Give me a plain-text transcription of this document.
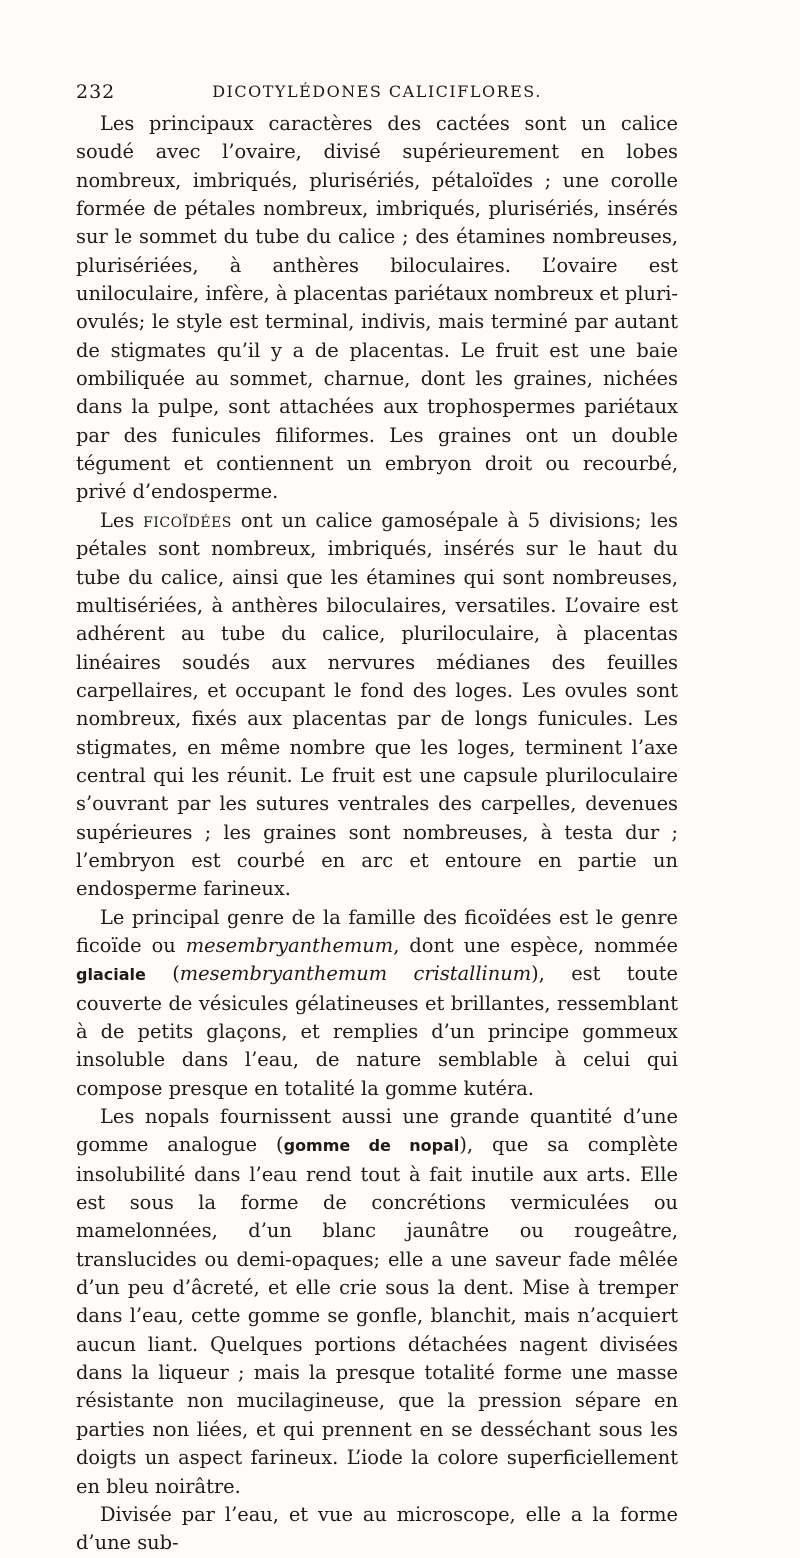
232	DICOTYLÉDONES CALICIFLORES.

Les principaux caractères des cactées sont un calice soudé avec l’ovaire, divisé supérieurement en lobes nombreux, imbriqués, plurisériés, pétaloïdes ; une corolle formée de pétales nombreux, imbriqués, plurisériés, insérés sur le sommet du tube du calice ; des étamines nombreuses, plurisériées, à anthères biloculaires. L’ovaire est uniloculaire, infère, à placentas pariétaux nombreux et pluri-ovulés; le style est terminal, indivis, mais terminé par autant de stigmates qu’il y a de placentas. Le fruit est une baie ombiliquée au sommet, charnue, dont les graines, nichées dans la pulpe, sont attachées aux trophospermes pariétaux par des funicules filiformes. Les graines ont un double tégument et contiennent un embryon droit ou recourbé, privé d’endosperme.

Les ficoïdées ont un calice gamosépale à 5 divisions; les pétales sont nombreux, imbriqués, insérés sur le haut du tube du calice, ainsi que les étamines qui sont nombreuses, multisériées, à anthères biloculaires, versatiles. L’ovaire est adhérent au tube du calice, pluriloculaire, à placentas linéaires soudés aux nervures médianes des feuilles carpellaires, et occupant le fond des loges. Les ovules sont nombreux, fixés aux placentas par de longs funicules. Les stigmates, en même nombre que les loges, terminent l’axe central qui les réunit. Le fruit est une capsule pluriloculaire s’ouvrant par les sutures ventrales des carpelles, devenues supérieures ; les graines sont nombreuses, à testa dur ; l’embryon est courbé en arc et entoure en partie un endosperme farineux.

Le principal genre de la famille des ficoïdées est le genre ficoïde ou mesembryanthemum, dont une espèce, nommée glaciale (mesembryanthemum cristallinum), est toute couverte de vésicules gélatineuses et brillantes, ressemblant à de petits glaçons, et remplies d’un principe gommeux insoluble dans l’eau, de nature semblable à celui qui compose presque en totalité la gomme kutéra.

Les nopals fournissent aussi une grande quantité d’une gomme analogue (gomme de nopal), que sa complète insolubilité dans l’eau rend tout à fait inutile aux arts. Elle est sous la forme de concrétions vermiculées ou mamelonnées, d’un blanc jaunâtre ou rougeâtre, translucides ou demi-opaques; elle a une saveur fade mêlée d’un peu d’âcreté, et elle crie sous la dent. Mise à tremper dans l’eau, cette gomme se gonfle, blanchit, mais n’acquiert aucun liant. Quelques portions détachées nagent divisées dans la liqueur ; mais la presque totalité forme une masse résistante non mucilagineuse, que la pression sépare en parties non liées, et qui prennent en se desséchant sous les doigts un aspect farineux. L’iode la colore superficiellement en bleu noirâtre.

Divisée par l’eau, et vue au microscope, elle a la forme d’une sub-
